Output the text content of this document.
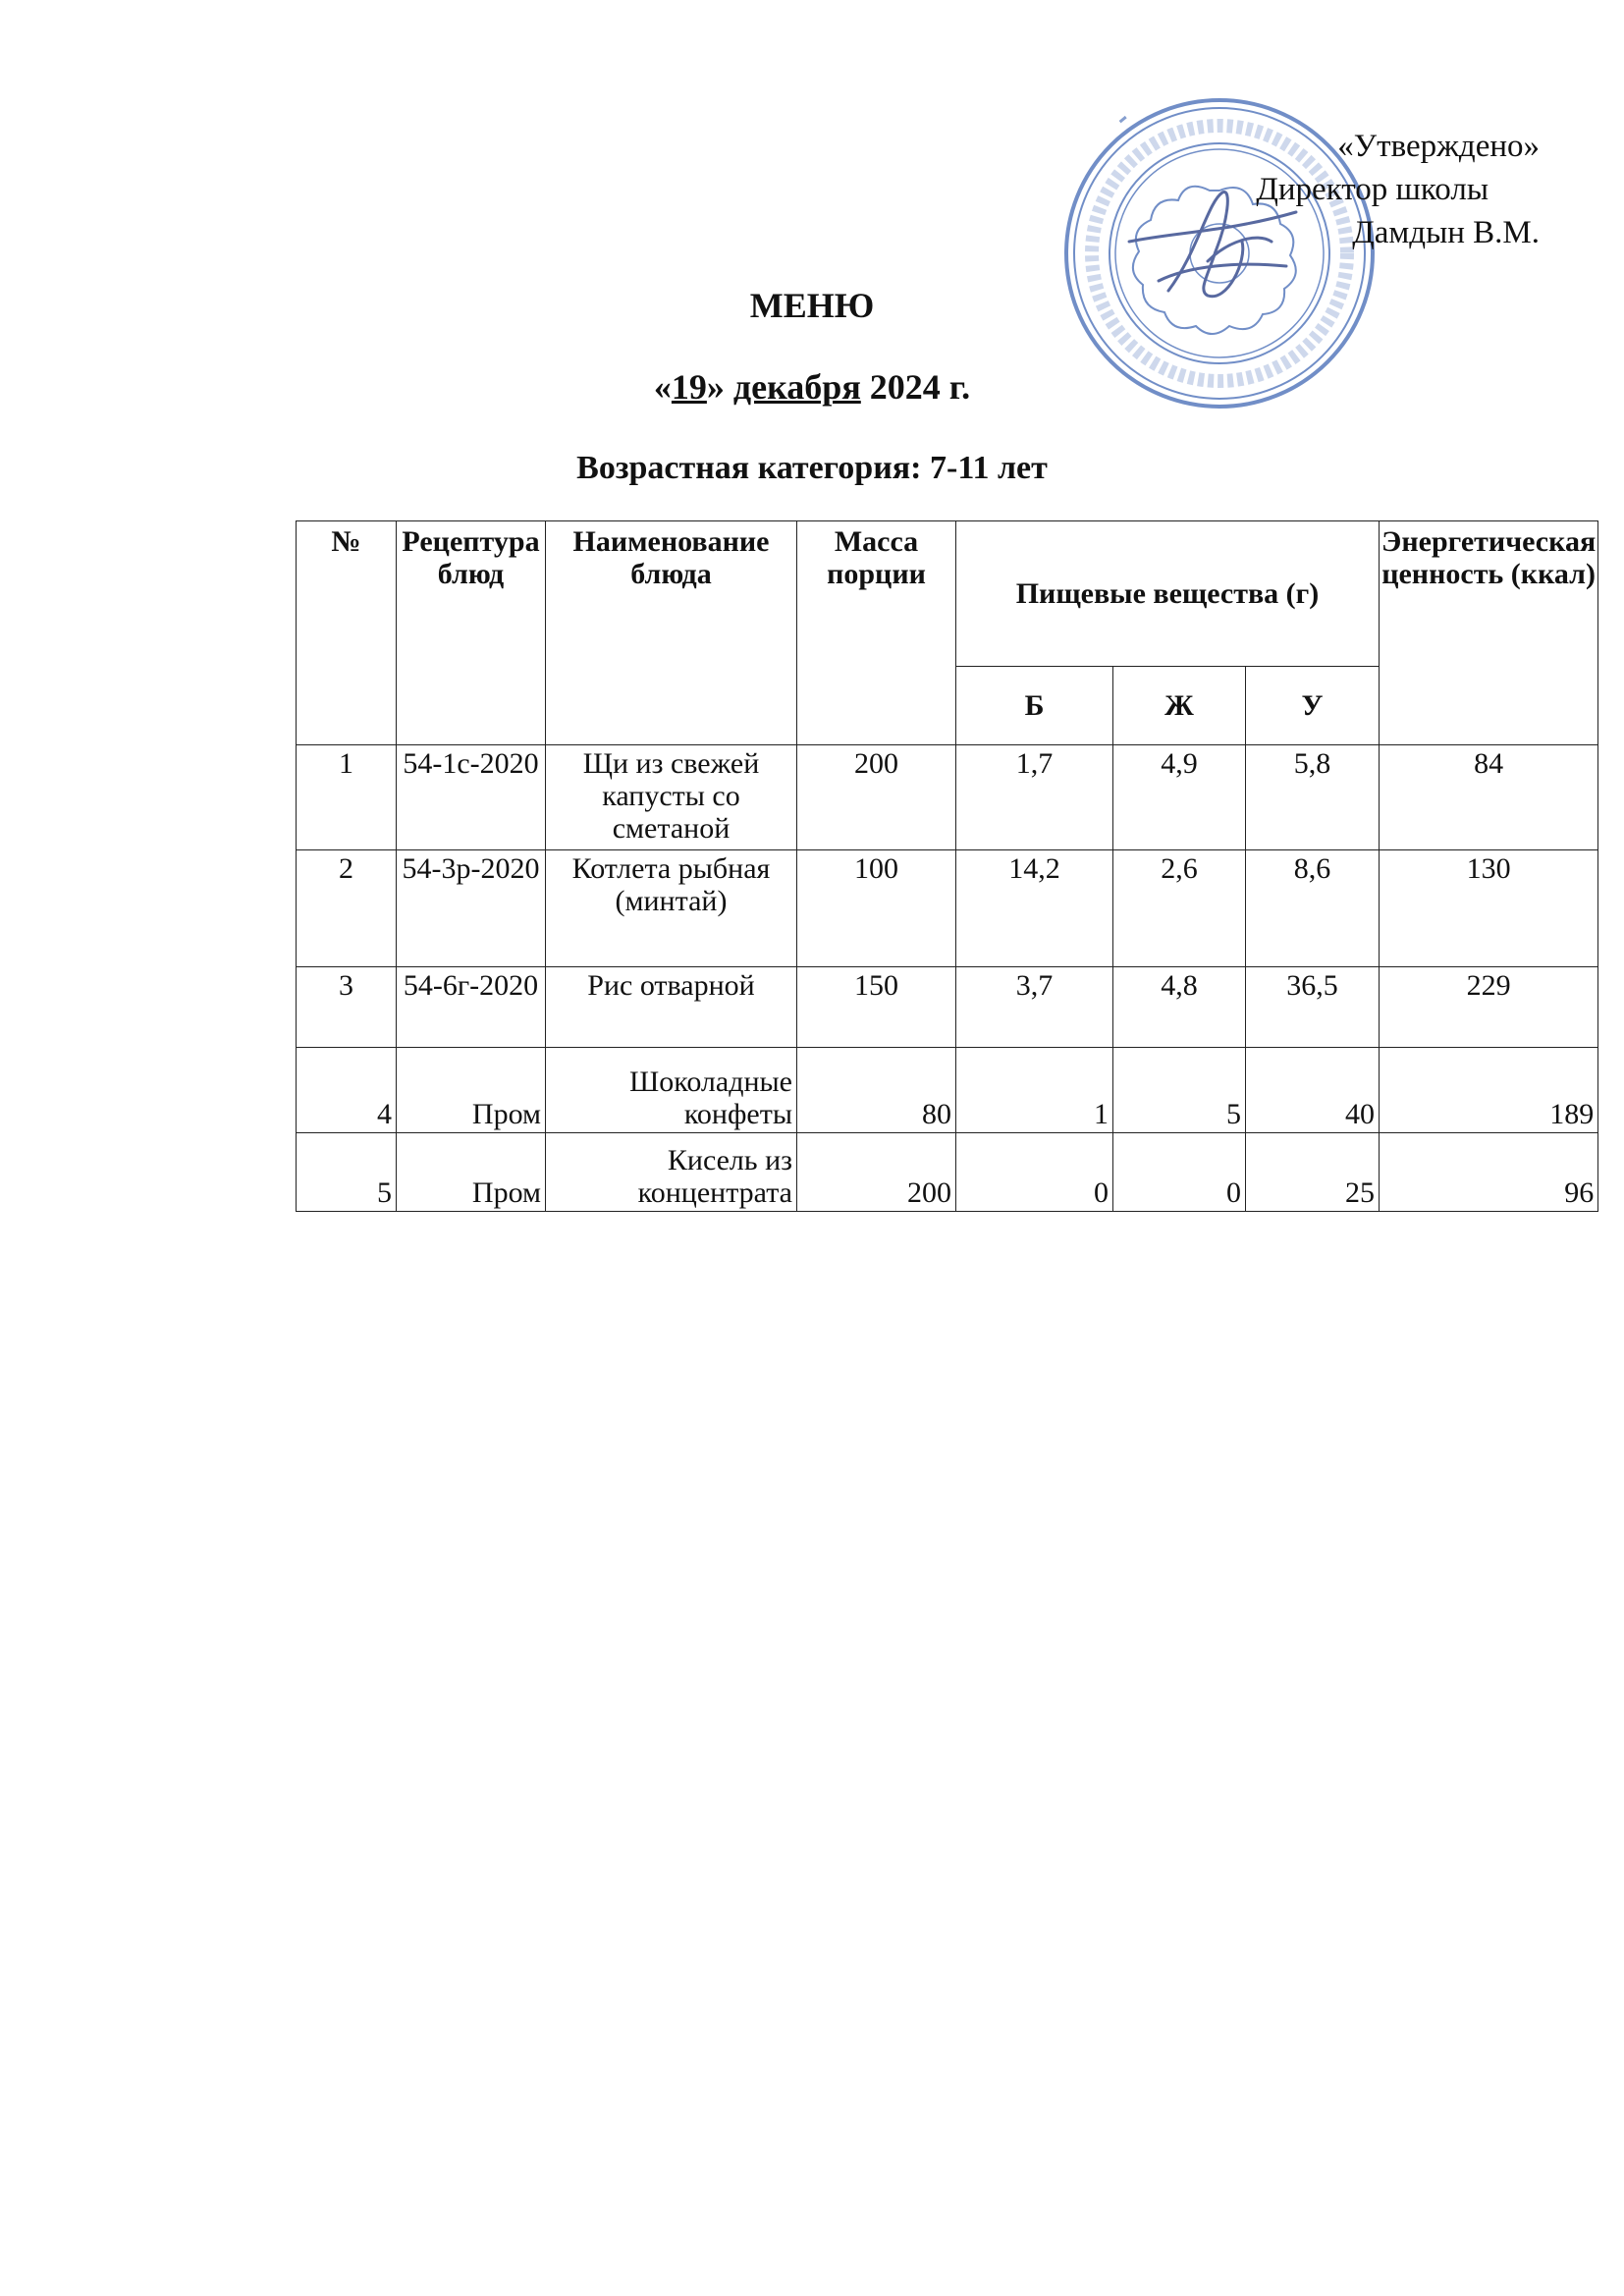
«Утверждено»
Директор школы
Дамдын В.М.
МЕНЮ
«19» декабря 2024 г.
Возрастная категория: 7-11 лет
№	Рецептура блюд	Наименование блюда	Масса порции	Пищевые вещества (г)			Энергетическая ценность (ккал)
				Б	Ж	У	
1	54-1с-2020	Щи из свежей капусты со сметаной	200	1,7	4,9	5,8	84
2	54-3р-2020	Котлета рыбная (минтай)	100	14,2	2,6	8,6	130
3	54-6г-2020	Рис отварной	150	3,7	4,8	36,5	229
4	Пром	Шоколадные конфеты	80	1	5	40	189
5	Пром	Кисель из концентрата	200	0	0	25	96
